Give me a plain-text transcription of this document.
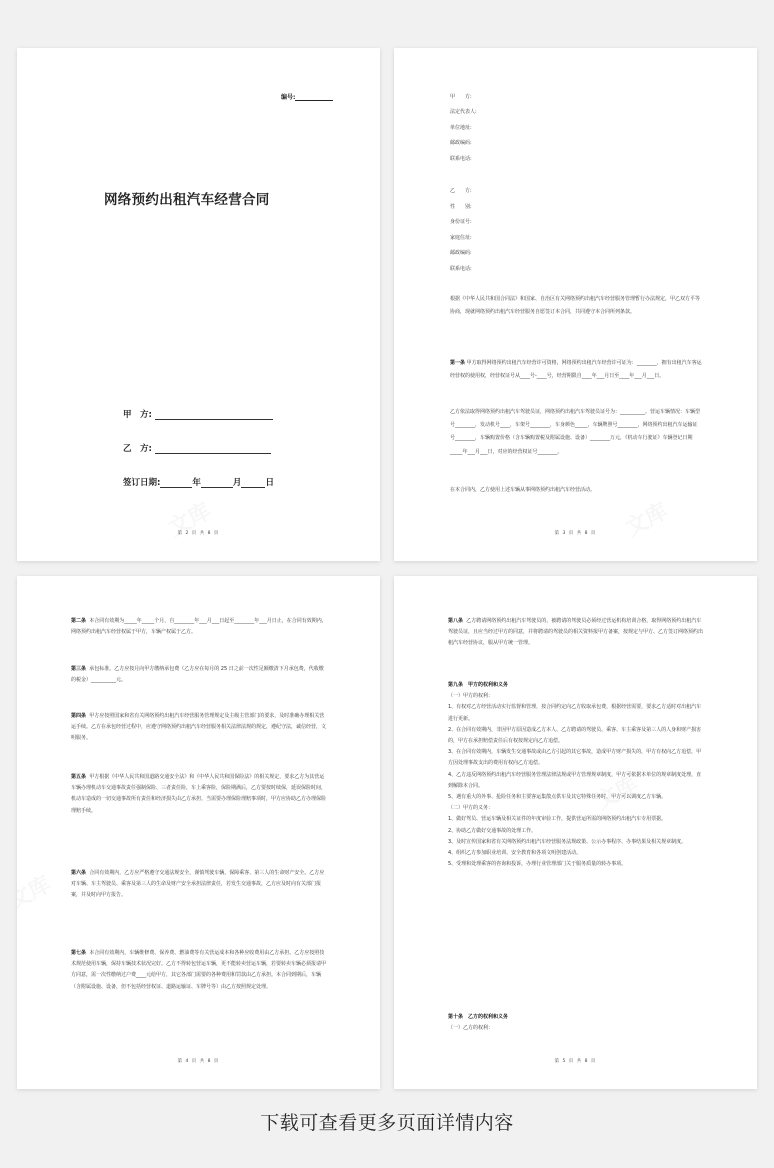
编号:
网络预约出租汽车经营合同
甲　方:
乙　方:
签订日期:	年	月	日
第 2 页 共 8 页
甲　　方:
法定代表人:
单位地址:
邮政编码:
联系电话:
乙　　方:
性　　别:
身份证号:
家庭住址:
邮政编码:
联系电话:
根据《中华人民共和国合同法》和国家、自治区有关网络预约出租汽车经营服务管理暂行办法规定，甲乙双方平等协商，现就网络预约出租汽车经营服务自愿签订本合同，共同遵守本合同所列条款。
第一条 甲方取得网络预约出租汽车经营许可资格，网络预约出租汽车经营许可证为：________，拥有出租汽车客运经营权的使用权，经营权证号从____号-____号，经营期限自____年___月日至____年___月___日。
乙方依法取得网络预约出租汽车驾驶员证，网络预约出租汽车驾驶员证号为：__________。营运车辆情况：车辆型号________，发动机号____，车架号________，车身颜色_____，车辆牌照号________，网络预约出租汽车运输证号________，车辆购置价格（含车辆购置税及附属设施、设备）________万元，《机动车行驶证》车辆登记日期_____年___月___日，对应的经营权证号________。
在本合同内，乙方使用上述车辆从事网络预约出租汽车经营活动。
第 3 页 共 8 页

第二条 本合同有效期为_____年_____个月，自________年___月___日起至________年___月日止，在合同有效期内，网络预约出租汽车经营权属于甲方，车辆产权属于乙方。

第三条 承包标准。乙方应按月向甲方缴纳承包费（乙方应在每月的 25 日之前一次性足额缴清下月承包费，代收缴的税金）__________元。

第四条 甲方应按照国家和省有关网络预约出租汽车经营服务管理规定及主级主管部门的要求，及时准确办理相关营运手续。乙方在承包经营过程中，应遵守网络预约出租汽车经营服务相关法律法规的规定，遵纪守法，诚信经营，文明服务。

第五条 甲方根据《中华人民共和国道路交通安全法》和《中华人民共和国保险法》的相关规定，要求乙方为其营运车辆办理机动车交通事故责任强制保险、三者责任险，车上乘客险，保险期满后，乙方要按时续保，延误保险时间，机动车造成的一切交通事故所有责任和经济损失由乙方承担。当需要办理保险理赔事项时，甲方应协助乙方办理保险理赔手续。

第六条 合同有效期内，乙方应严格遵守交通法规安全，谨慎驾驶车辆，保障乘客、第三人的生命财产安全。乙方应对车辆、车主驾驶员、乘客及第三人的生命及财产安全承担法律责任，若发生交通事故，乙方应及时向有关部门报案，并及时向甲方报告。

第七条 本合同有效期内，车辆维修费、保养费、燃油费等有关营运成本和各种应收费用由乙方承担。乙方应按照技术规范使用车辆，保持车辆技术状况完好。乙方不得转包营运车辆，更不能转卖营运车辆，若要转卖车辆必须报请甲方同意，需一次性缴纳过户费____元给甲方，其它各部门需要的各种费用和罚款由乙方承担。本合同到期后，车辆（含附属设施、设备，但不包括经营权证、道路运输证、车牌号等）由乙方按照规定处理。

第 4 页 共 8 页

第八条 乙方聘请网络预约出租汽车驾驶员的，被聘请的驾驶员必须经过营运机构培训合格，取得网络预约出租汽车驾驶员证，且应当经过甲方的同意，并将聘请的驾驶员的相关资料报甲方备案，按规定与甲方、乙方签订网络预约出租汽车经营协议，服从甲方统一管理。

第九条　甲方的权利和义务

（一）甲方的权利：

1、有权对乙方经营活动实行监督和管理，按合同约定向乙方收取承包费，根据经营需要，要求乙方适时对出租汽车进行更新。

2、在合同有效期内，非因甲方原因造成乙方本人、乙方聘请的驾驶员、乘客、车主乘客及第三人的人身和财产损害的，甲方在承担赔偿责任后有权按规定向乙方追偿。

3、在合同有效期内，车辆发生交通事故或由乙方引起的其它事故，造成甲方财产损失的，甲方有权向乙方追偿，甲方因处理事故支出的费用有权向乙方追偿。

4、乙方违反网络预约出租汽车经营服务管理法律法规或甲方管理规章制度，甲方可依据本单位的规章制度处理，直到解除本合同。

5、遇有重大的外事、抢险任务和主要客运集散点供车及其它特殊任务时，甲方可以调度乙方车辆。

（二）甲方的义务：

1、做好驾员、营运车辆及相关证件的年度审验工作，提供营运所需的网络预约出租汽车专用票据。

2、协助乙方做好交通事故的处理工作。

3、及时宣传国家和省有关网络预约出租汽车经营服务法规政策、公示办事程序、办事结果及相关规章制度。

4、组织乙方参加职业培训、安全教育和各项文明创建活动。

5、受理和处理乘客的咨询和投诉，办理行业管理部门关于服务质量的转办事项。

第十条　乙方的权利和义务

（一）乙方的权利：

第 5 页 共 8 页
下载可查看更多页面详情内容
